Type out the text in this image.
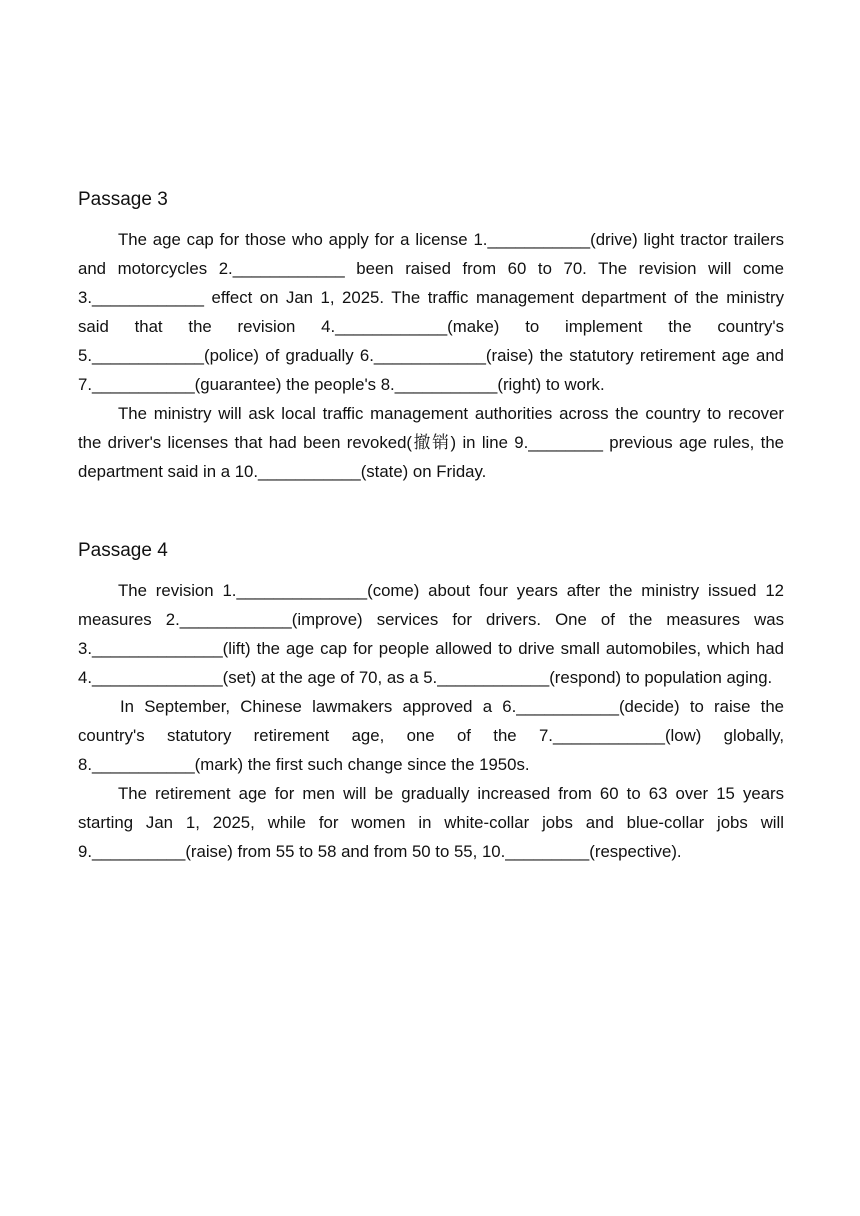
Passage 3

The age cap for those who apply for a license 1.___________(drive) light tractor trailers and motorcycles 2.____________ been raised from 60 to 70. The revision will come 3.____________ effect on Jan 1, 2025. The traffic management department of the ministry said that the revision 4.____________(make) to implement the country's 5.____________(police) of gradually 6.____________(raise) the statutory retirement age and 7.___________(guarantee) the people's 8.___________(right) to work.

The ministry will ask local traffic management authorities across the country to recover the driver's licenses that had been revoked(撤销) in line 9.________ previous age rules, the department said in a 10.___________(state) on Friday.

Passage 4

The revision 1.______________(come) about four years after the ministry issued 12 measures 2.____________(improve) services for drivers. One of the measures was 3.______________(lift) the age cap for people allowed to drive small automobiles, which had 4.______________(set) at the age of 70, as a 5.____________(respond) to population aging.

In September, Chinese lawmakers approved a 6.___________(decide) to raise the country's statutory retirement age, one of the 7.____________(low) globally, 8.___________(mark) the first such change since the 1950s.

The retirement age for men will be gradually increased from 60 to 63 over 15 years starting Jan 1, 2025, while for women in white-collar jobs and blue-collar jobs will 9.__________(raise) from 55 to 58 and from 50 to 55, 10._________(respective).
